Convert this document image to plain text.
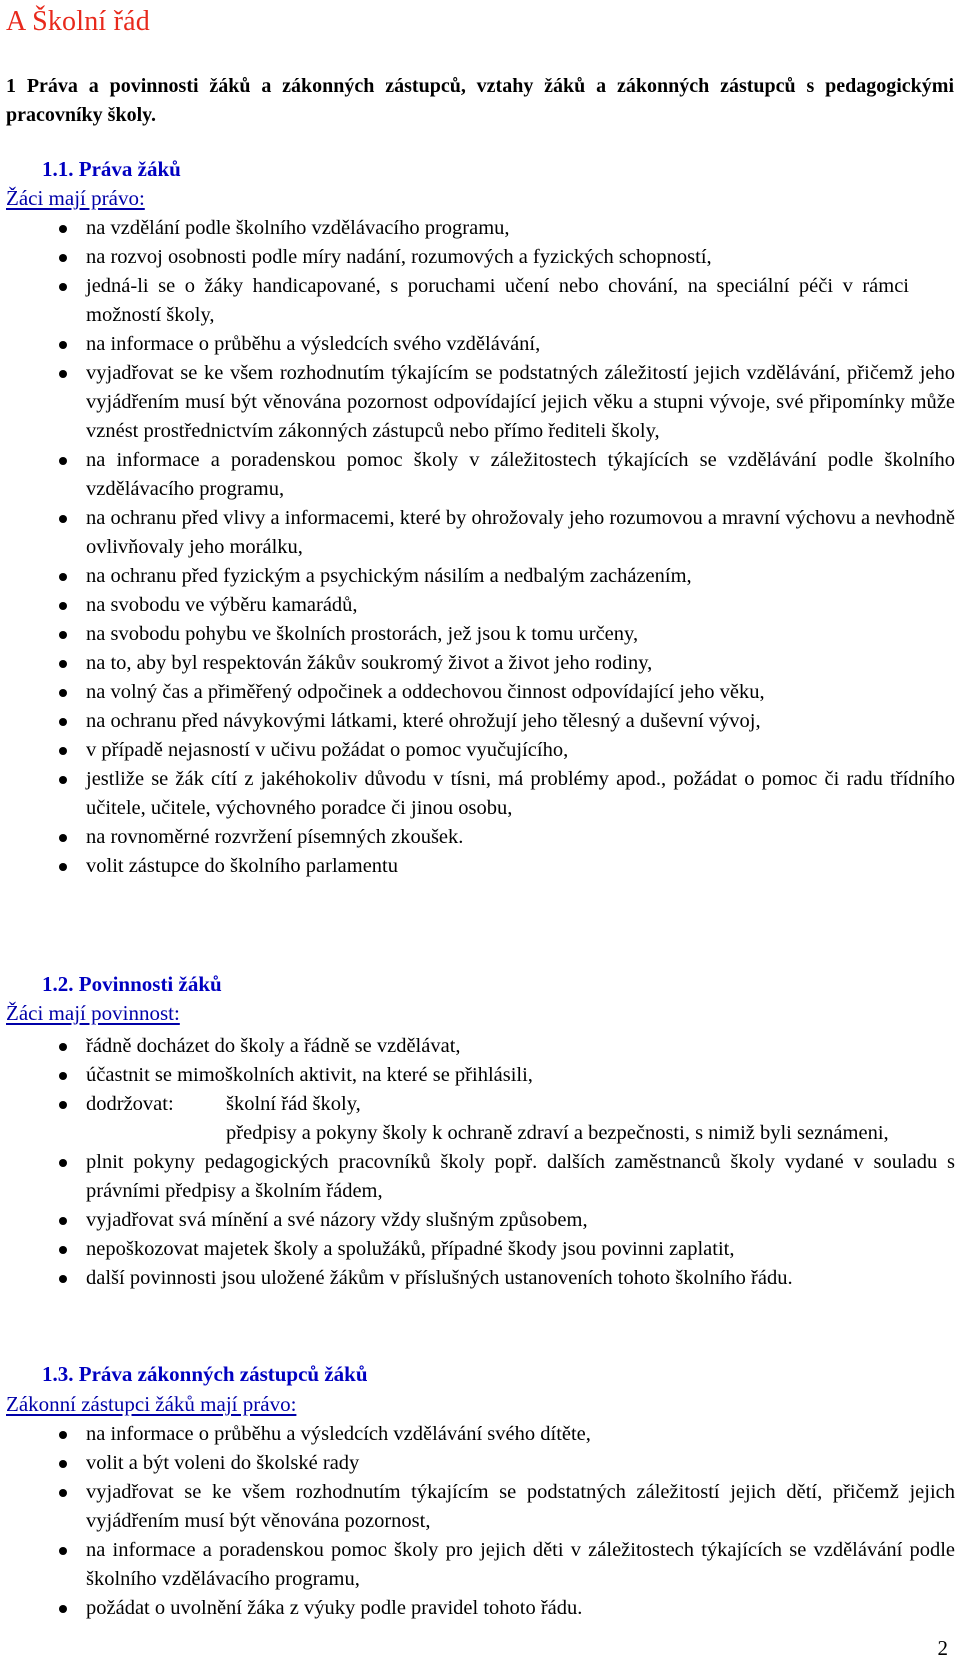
A Školní řád
1 Práva a povinnosti žáků a zákonných zástupců, vztahy žáků a zákonných zástupců s pedagogickými pracovníky školy.
1.1. Práva žáků
Žáci mají právo:
na vzdělání podle školního vzdělávacího programu,
na rozvoj osobnosti podle míry nadání, rozumových a fyzických schopností,
jedná-li se o žáky handicapované, s poruchami učení nebo chování, na speciální péči v rámcimožností školy,
na informace o průběhu a výsledcích svého vzdělávání,
vyjadřovat se ke všem rozhodnutím týkajícím se podstatných záležitostí jejich vzdělávání, přičemž jeho vyjádřením musí být věnována pozornost odpovídající jejich věku a stupni vývoje, své připomínky může vznést prostřednictvím zákonných zástupců nebo přímo řediteli školy,
na informace a poradenskou pomoc školy v záležitostech týkajících se vzdělávání podle školního vzdělávacího programu,
na ochranu před vlivy a informacemi, které by ohrožovaly jeho rozumovou a mravní výchovu a nevhodně ovlivňovaly jeho morálku,
na ochranu před fyzickým a psychickým násilím a nedbalým zacházením,
na svobodu ve výběru kamarádů,
na svobodu pohybu ve školních prostorách, jež jsou k tomu určeny,
na to, aby byl respektován žákův soukromý život a život jeho rodiny,
na volný čas a přiměřený odpočinek a oddechovou činnost odpovídající jeho věku,
na ochranu před návykovými látkami, které ohrožují jeho tělesný a duševní vývoj,
v případě nejasností v učivu požádat o pomoc vyučujícího,
jestliže se žák cítí z jakéhokoliv důvodu v tísni, má problémy apod., požádat o pomoc či radu třídního učitele, učitele, výchovného poradce či jinou osobu,
na rovnoměrné rozvržení písemných zkoušek.
volit zástupce do školního parlamentu
1.2. Povinnosti žáků
Žáci mají povinnost:
řádně docházet do školy a řádně se vzdělávat,
účastnit se mimoškolních aktivit, na které se přihlásili,
dodržovat:	školní řád školy,
předpisy a pokyny školy k ochraně zdraví a bezpečnosti, s nimiž byli seznámeni,
plnit pokyny pedagogických pracovníků školy popř. dalších zaměstnanců školy vydané v souladu s právními předpisy a školním řádem,
vyjadřovat svá mínění a své názory vždy slušným způsobem,
nepoškozovat majetek školy a spolužáků, případné škody jsou povinni zaplatit,
další povinnosti jsou uložené žákům v příslušných ustanoveních tohoto školního řádu.
1.3. Práva zákonných zástupců žáků
Zákonní zástupci žáků mají právo:
na informace o průběhu a výsledcích vzdělávání svého dítěte,
volit a být voleni do školské rady
vyjadřovat se ke všem rozhodnutím týkajícím se podstatných záležitostí jejich dětí, přičemž jejich vyjádřením musí být věnována pozornost,
na informace a poradenskou pomoc školy pro jejich děti v záležitostech týkajících se vzdělávání podle školního vzdělávacího programu,
požádat o uvolnění žáka z výuky podle pravidel tohoto řádu.
2
